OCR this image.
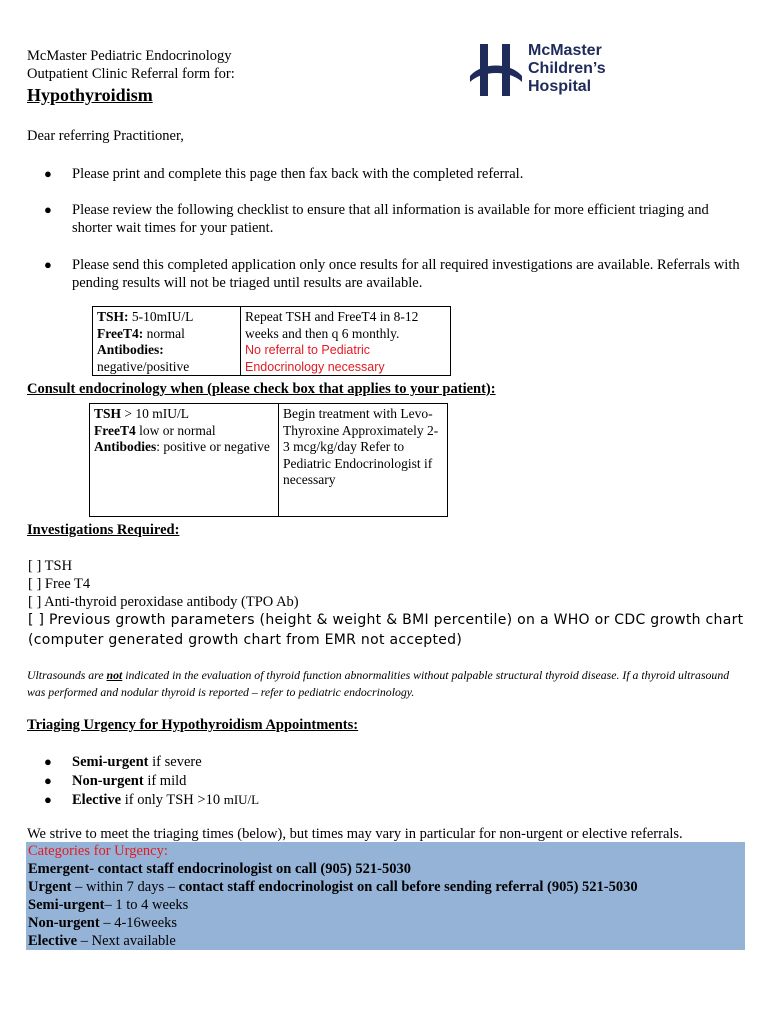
McMaster Pediatric Endocrinology
Outpatient Clinic Referral form for:
Hypothyroidism
McMaster
Children’s
Hospital
Dear referring Practitioner,
● Please print and complete this page then fax back with the completed referral.
● Please review the following checklist to ensure that all information is available for more efficient triaging and shorter wait times for your patient.
● Please send this completed application only once results for all required investigations are available. Referrals with pending results will not be triaged until results are available.
TSH: 5-10mIU/L
FreeT4: normal
Antibodies:
negative/positive	Repeat TSH and FreeT4 in 8-12 weeks and then q 6 monthly.
No referral to Pediatric Endocrinology necessary
Consult endocrinology when (please check box that applies to your patient):
TSH > 10 mIU/L
FreeT4 low or normal
Antibodies: positive or negative	Begin treatment with Levo-Thyroxine Approximately 2-3 mcg/kg/day Refer to Pediatric Endocrinologist if necessary
Investigations Required:
[ ] TSH
[ ] Free T4
[ ] Anti-thyroid peroxidase antibody (TPO Ab)
[ ] Previous growth parameters (height & weight & BMI percentile) on a WHO or CDC growth chart
(computer generated growth chart from EMR not accepted)
Ultrasounds are not indicated in the evaluation of thyroid function abnormalities without palpable structural thyroid disease. If a thyroid ultrasound was performed and nodular thyroid is reported – refer to pediatric endocrinology.
Triaging Urgency for Hypothyroidism Appointments:
● Semi-urgent if severe
● Non-urgent if mild
● Elective if only TSH >10 mIU/L
We strive to meet the triaging times (below), but times may vary in particular for non-urgent or elective referrals.
Categories for Urgency:
Emergent- contact staff endocrinologist on call (905) 521-5030
Urgent – within 7 days – contact staff endocrinologist on call before sending referral (905) 521-5030
Semi-urgent– 1 to 4 weeks
Non-urgent – 4-16weeks
Elective – Next available
